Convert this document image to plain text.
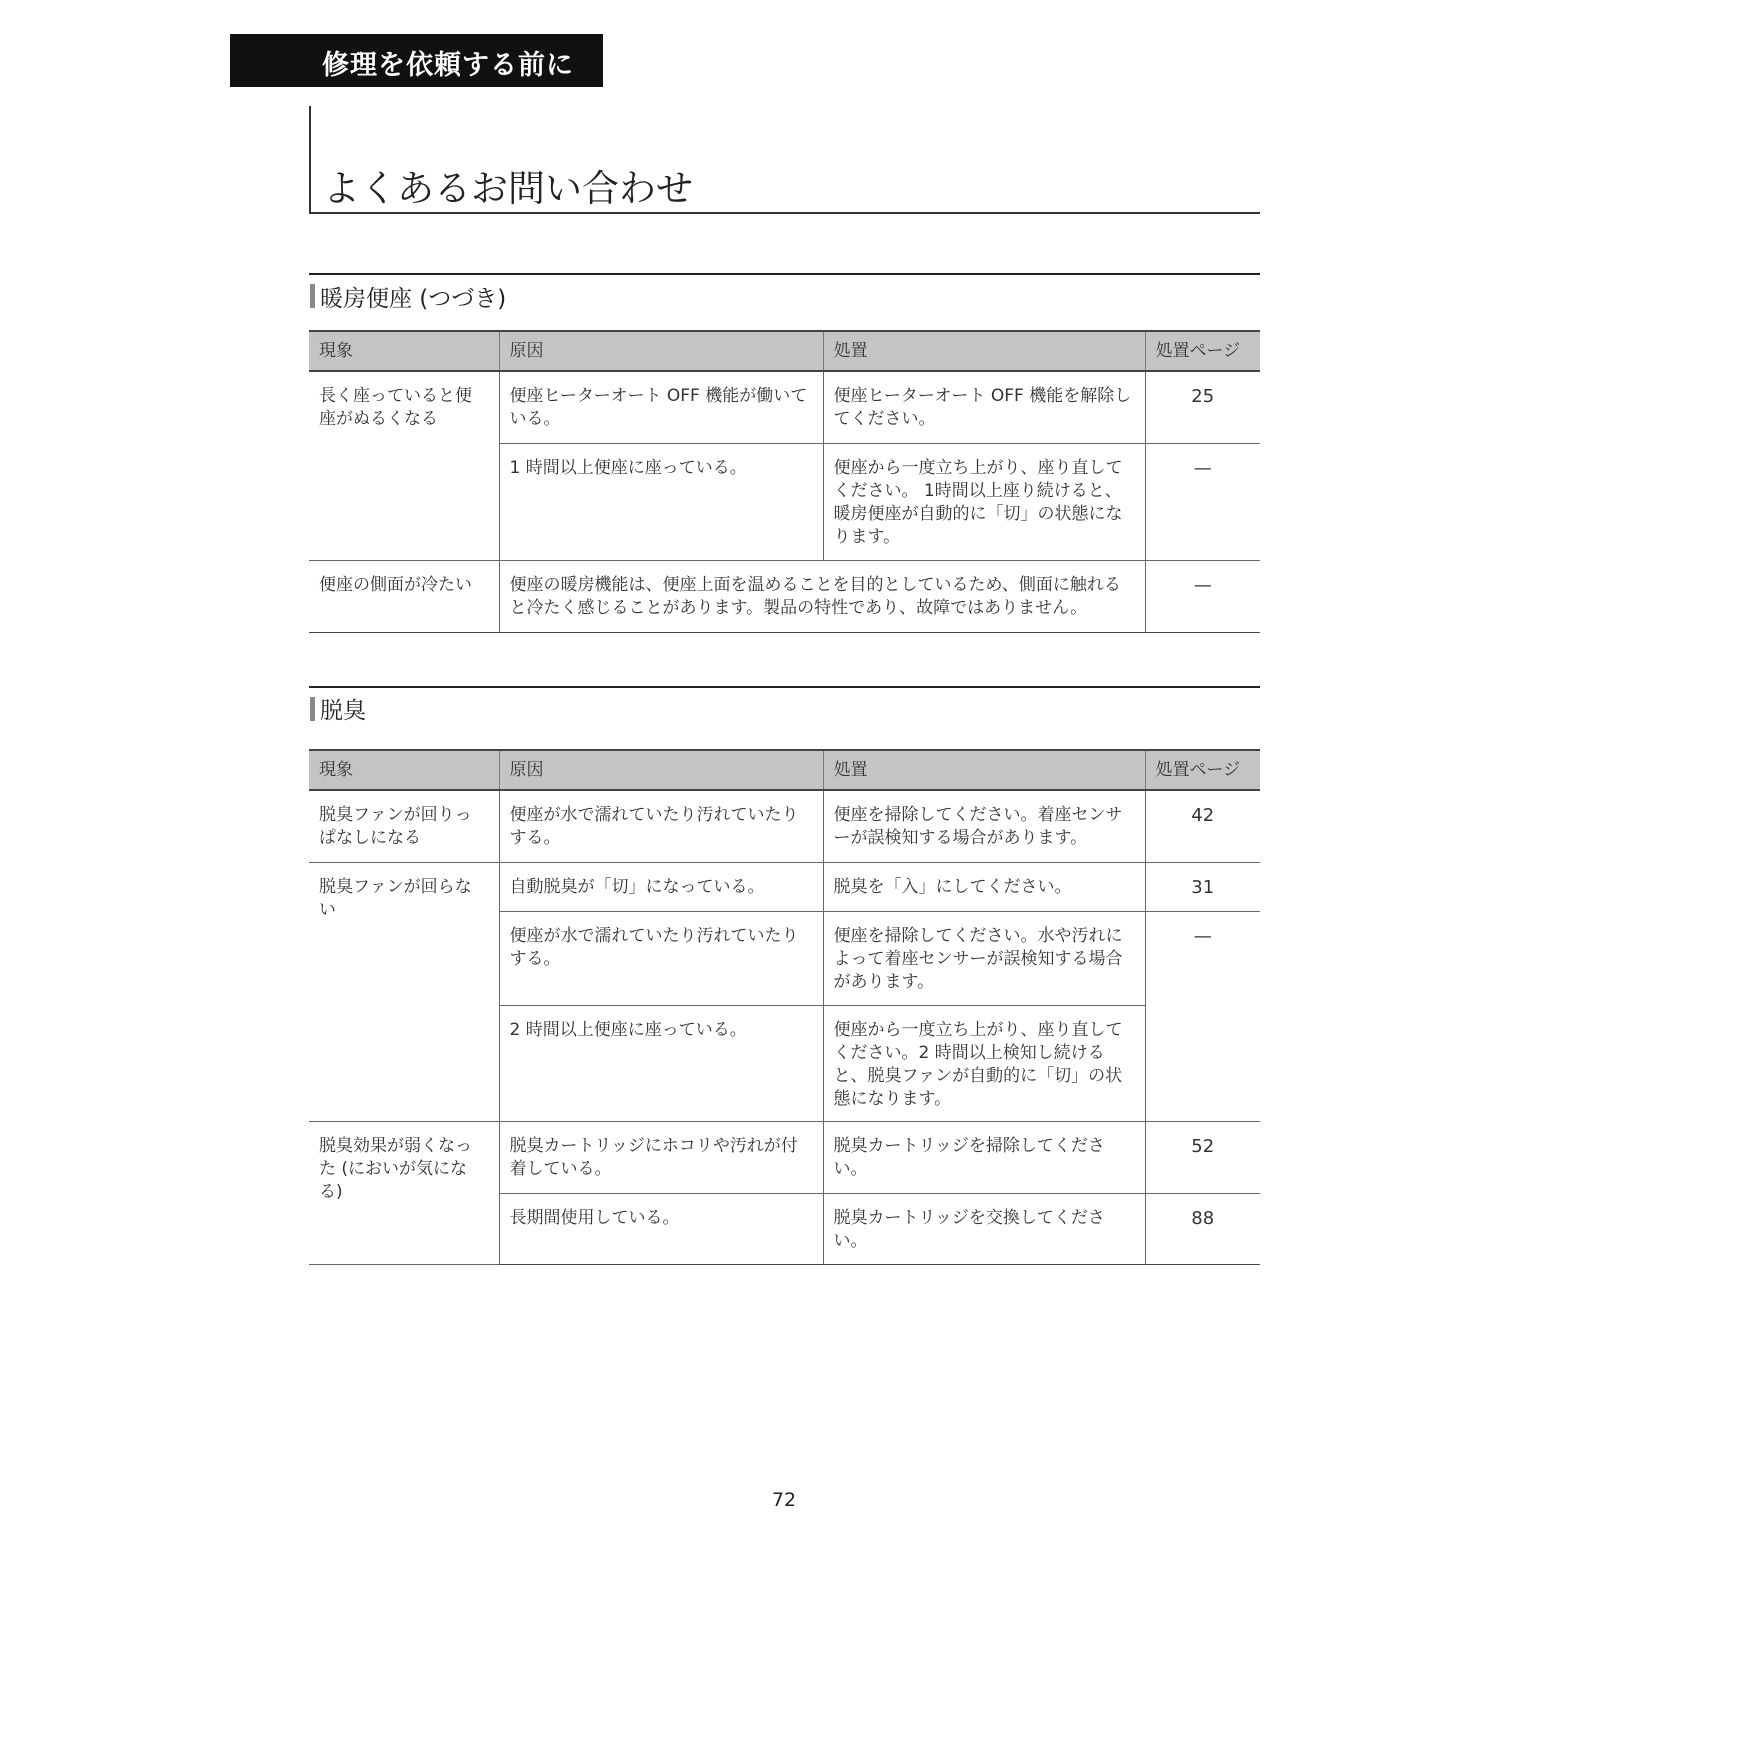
修理を依頼する前に
よくあるお問い合わせ
暖房便座 (つづき)
現象	原因	処置	処置ページ
長く座っていると便座がぬるくなる	便座ヒーターオート OFF 機能が働いている。	便座ヒーターオート OFF 機能を解除してください。	25
	1 時間以上便座に座っている。	便座から一度立ち上がり、座り直してください。 1時間以上座り続けると、暖房便座が自動的に「切」の状態になります。	—
便座の側面が冷たい	便座の暖房機能は、便座上面を温めることを目的としているため、側面に触れると冷たく感じることがあります。製品の特性であり、故障ではありません。		—
脱臭
現象	原因	処置	処置ページ
脱臭ファンが回りっぱなしになる	便座が水で濡れていたり汚れていたりする。	便座を掃除してください。着座センサーが誤検知する場合があります。	42
脱臭ファンが回らない	自動脱臭が「切」になっている。	脱臭を「入」にしてください。	31
	便座が水で濡れていたり汚れていたりする。	便座を掃除してください。水や汚れによって着座センサーが誤検知する場合があります。	—
	2 時間以上便座に座っている。	便座から一度立ち上がり、座り直してください。2 時間以上検知し続けると、脱臭ファンが自動的に「切」の状態になります。	
脱臭効果が弱くなった (においが気になる)	脱臭カートリッジにホコリや汚れが付着している。	脱臭カートリッジを掃除してください。	52
	長期間使用している。	脱臭カートリッジを交換してください。	88
72
